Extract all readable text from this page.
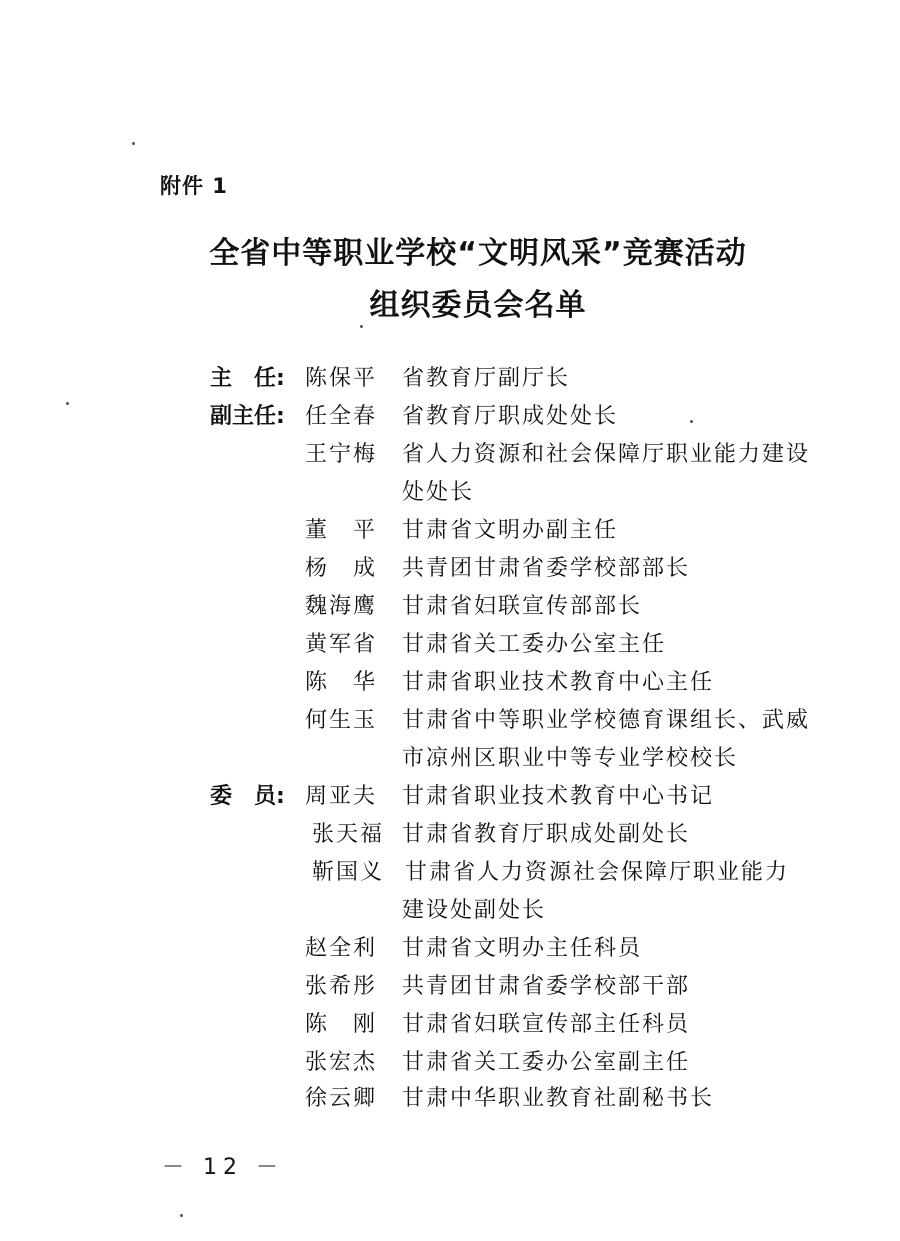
附件 1
全省中等职业学校“文明风采”竞赛活动
组织委员会名单
主　任: 陈保平 省教育厅副厅长
副主任: 任全春 省教育厅职成处处长
王宁梅 省人力资源和社会保障厅职业能力建设
处处长
董　平 甘肃省文明办副主任
杨　成 共青团甘肃省委学校部部长
魏海鹰 甘肃省妇联宣传部部长
黄军省 甘肃省关工委办公室主任
陈　华 甘肃省职业技术教育中心主任
何生玉 甘肃省中等职业学校德育课组长、武威
市凉州区职业中等专业学校校长
委　员: 周亚夫 甘肃省职业技术教育中心书记
张天福 甘肃省教育厅职成处副处长
靳国义 甘肃省人力资源社会保障厅职业能力
建设处副处长
赵全利 甘肃省文明办主任科员
张希彤 共青团甘肃省委学校部干部
陈　刚 甘肃省妇联宣传部主任科员
张宏杰 甘肃省关工委办公室副主任
徐云卿 甘肃中华职业教育社副秘书长
－ 12 －
